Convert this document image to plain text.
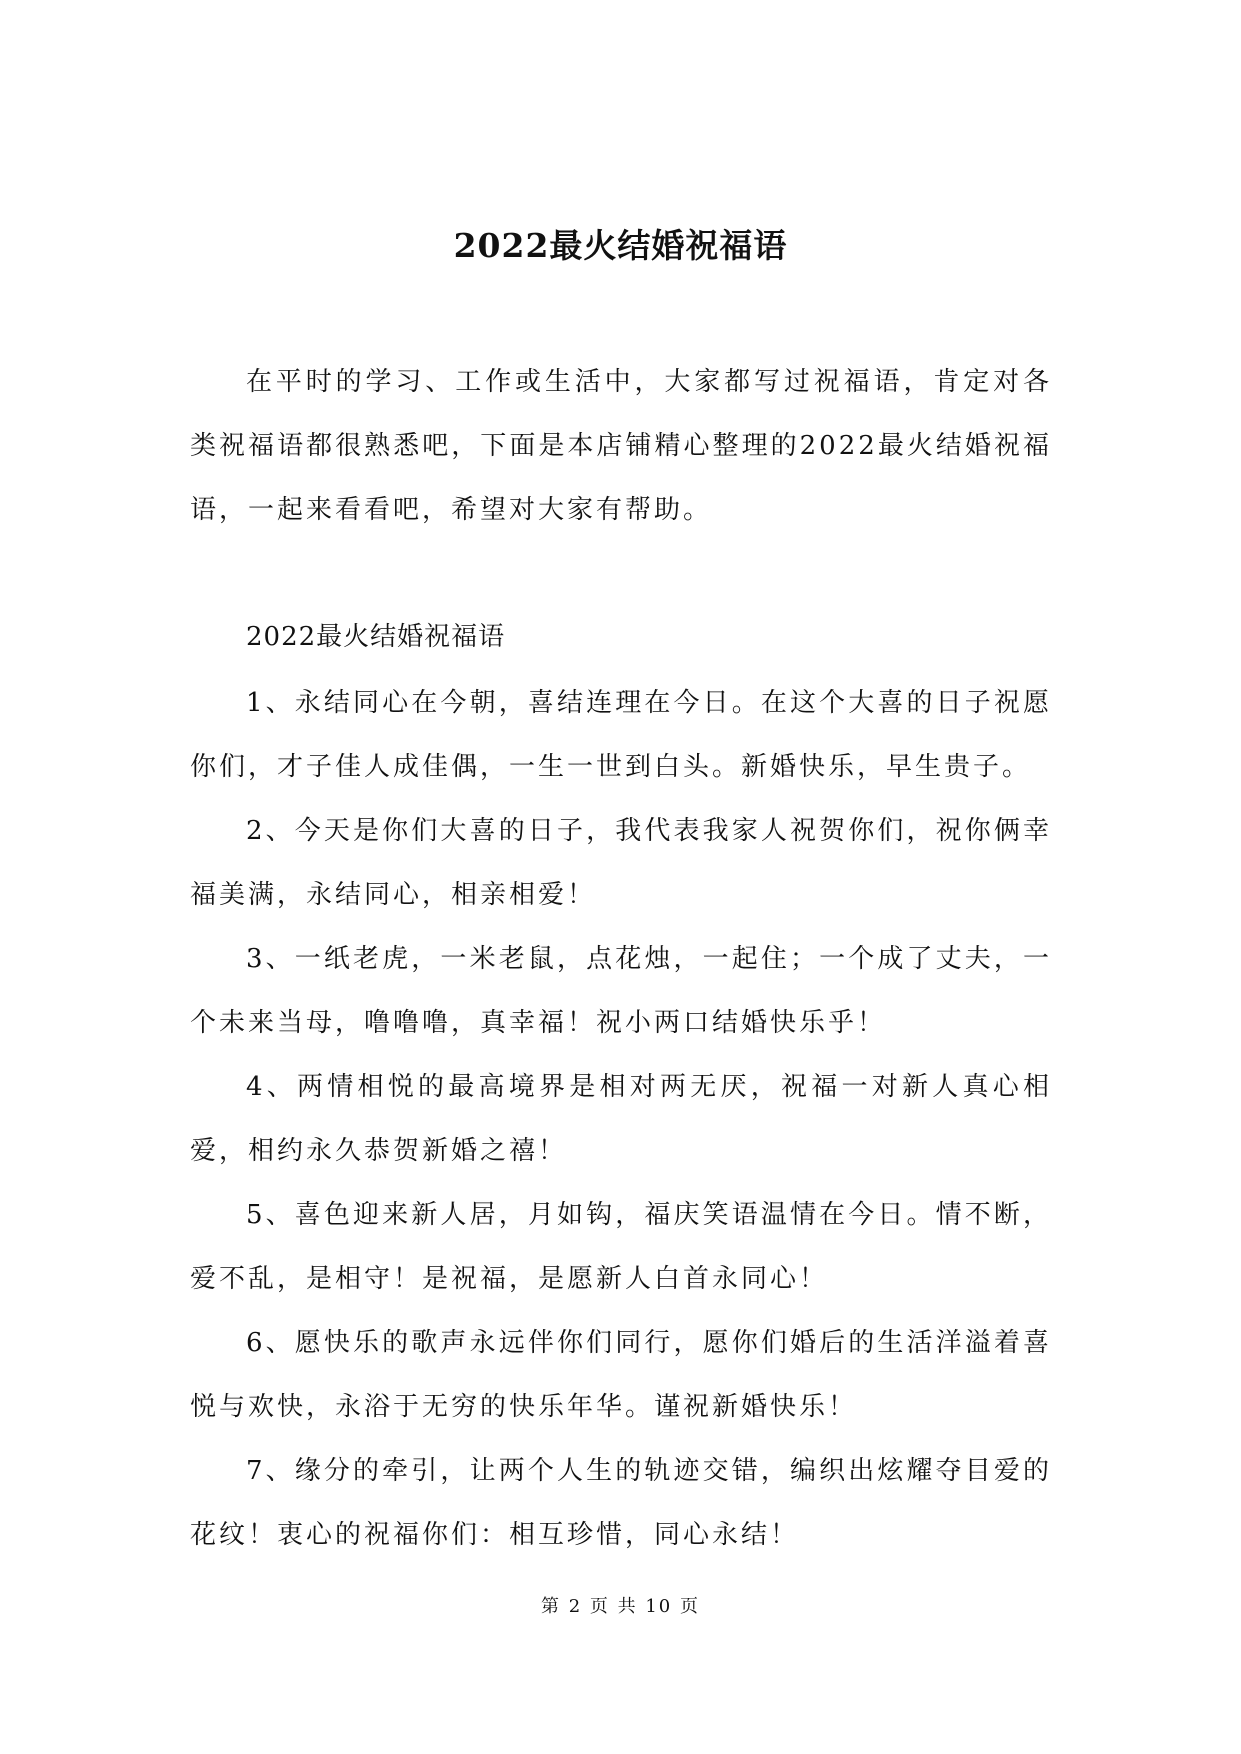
2022最火结婚祝福语

在平时的学习、工作或生活中，大家都写过祝福语，肯定对各类祝福语都很熟悉吧，下面是本店铺精心整理的2022最火结婚祝福语，一起来看看吧，希望对大家有帮助。

2022最火结婚祝福语

1、永结同心在今朝，喜结连理在今日。在这个大喜的日子祝愿你们，才子佳人成佳偶，一生一世到白头。新婚快乐，早生贵子。
2、今天是你们大喜的日子，我代表我家人祝贺你们，祝你俩幸福美满，永结同心，相亲相爱！
3、一纸老虎，一米老鼠，点花烛，一起住；一个成了丈夫，一个未来当母，噜噜噜，真幸福！祝小两口结婚快乐乎！
4、两情相悦的最高境界是相对两无厌，祝福一对新人真心相爱，相约永久恭贺新婚之禧！
5、喜色迎来新人居，月如钩，福庆笑语温情在今日。情不断，爱不乱，是相守！是祝福，是愿新人白首永同心！
6、愿快乐的歌声永远伴你们同行，愿你们婚后的生活洋溢着喜悦与欢快，永浴于无穷的快乐年华。谨祝新婚快乐！
7、缘分的牵引，让两个人生的轨迹交错，编织出炫耀夺目爱的花纹！衷心的祝福你们：相互珍惜，同心永结！

第 2 页 共 10 页
